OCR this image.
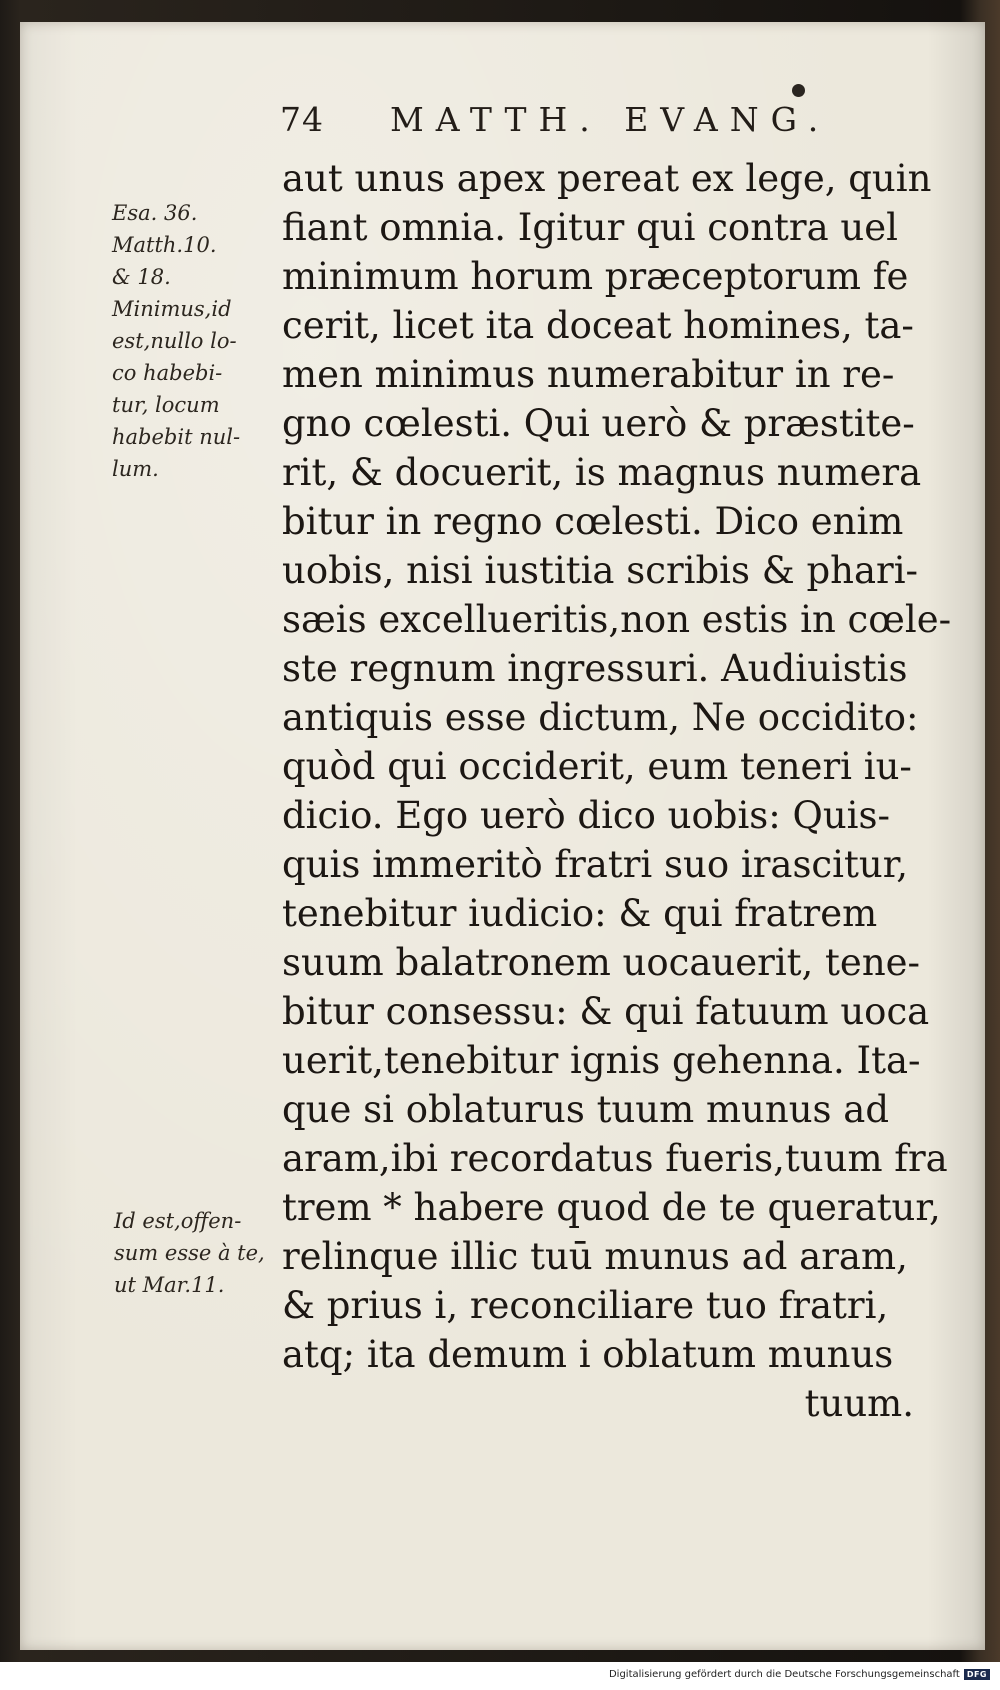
74 MATTH. EVANG.
Esa. 36.
Matth.10.
& 18.
Minimus,id
est,nullo lo-
co habebi-
tur, locum
habebit nul-
lum.
Id est,offen-
sum esse à te,
ut Mar.11.
aut unus apex pereat ex lege, quin
fiant omnia. Igitur qui contra uel
minimum horum præceptorum fe
cerit, licet ita doceat homines, ta-
men minimus numerabitur in re-
gno cœlesti. Qui uerò & præstite-
rit, & docuerit, is magnus numera
bitur in regno cœlesti. Dico enim
uobis, nisi iustitia scribis & phari-
sæis excellueritis,non estis in cœle-
ste regnum ingressuri. Audiuistis
antiquis esse dictum, Ne occidito:
quòd qui occiderit, eum teneri iu-
dicio. Ego uerò dico uobis: Quis-
quis immeritò fratri suo irascitur,
tenebitur iudicio: & qui fratrem
suum balatronem uocauerit, tene-
bitur consessu: & qui fatuum uoca
uerit,tenebitur ignis gehenna. Ita-
que si oblaturus tuum munus ad
aram,ibi recordatus fueris,tuum fra
trem * habere quod de te queratur,
relinque illic tuū munus ad aram,
& prius i, reconciliare tuo fratri,
atq; ita demum i oblatum munus
tuum.
Digitalisierung gefördert durch die Deutsche Forschungsgemeinschaft DFG
